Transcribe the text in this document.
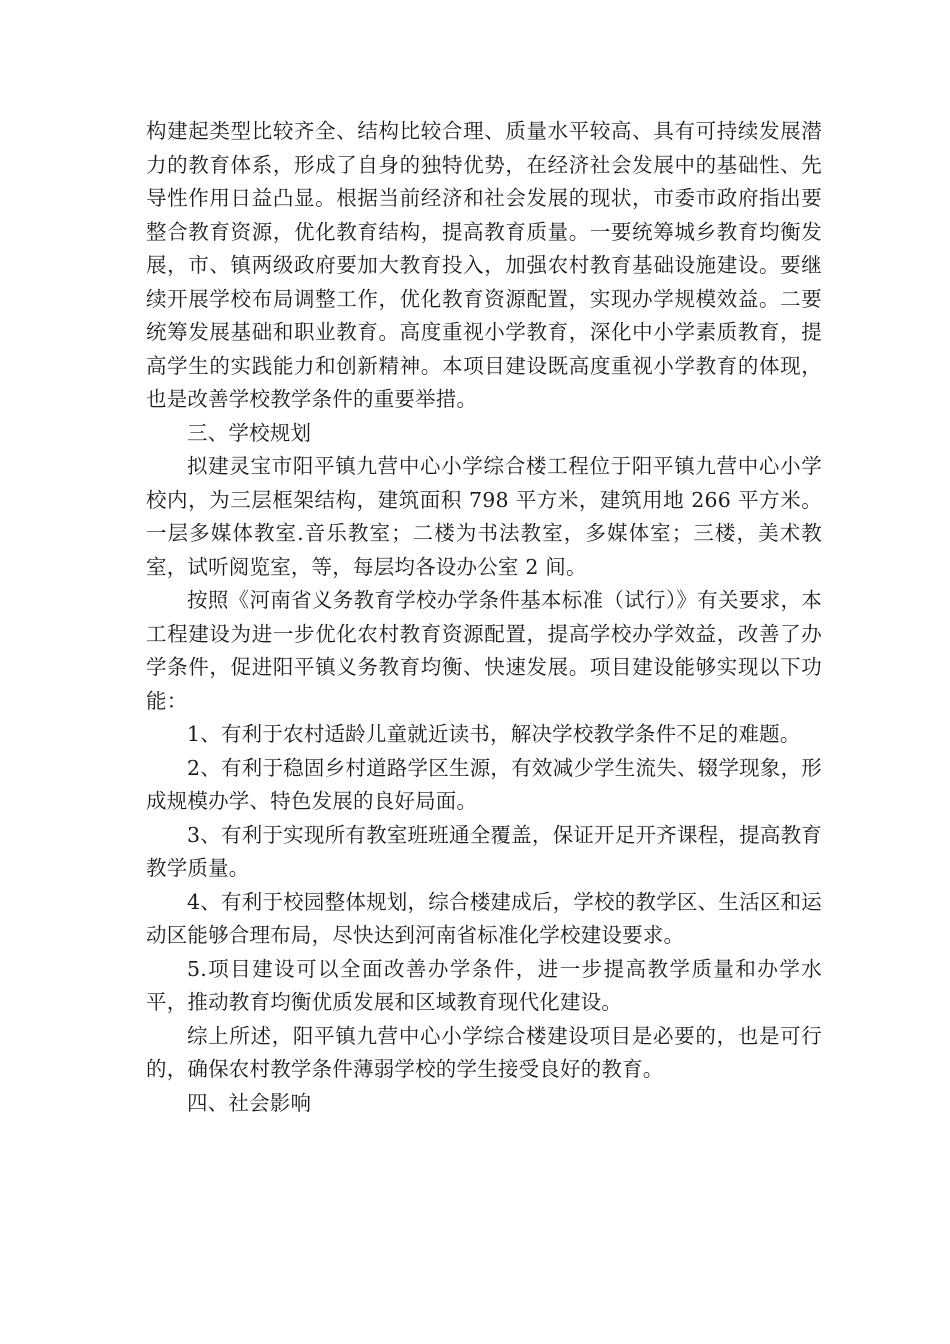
构建起类型比较齐全、结构比较合理、质量水平较高、具有可持续发展潜力的教育体系，形成了自身的独特优势，在经济社会发展中的基础性、先导性作用日益凸显。根据当前经济和社会发展的现状，市委市政府指出要整合教育资源，优化教育结构，提高教育质量。一要统筹城乡教育均衡发展，市、镇两级政府要加大教育投入，加强农村教育基础设施建设。要继续开展学校布局调整工作，优化教育资源配置，实现办学规模效益。二要统筹发展基础和职业教育。高度重视小学教育，深化中小学素质教育，提高学生的实践能力和创新精神。本项目建设既高度重视小学教育的体现，也是改善学校教学条件的重要举措。

三、学校规划

拟建灵宝市阳平镇九营中心小学综合楼工程位于阳平镇九营中心小学校内，为三层框架结构，建筑面积 798 平方米，建筑用地 266 平方米。一层多媒体教室.音乐教室；二楼为书法教室，多媒体室；三楼，美术教室，试听阅览室，等，每层均各设办公室 2 间。

按照《河南省义务教育学校办学条件基本标准（试行）》有关要求，本工程建设为进一步优化农村教育资源配置，提高学校办学效益，改善了办学条件，促进阳平镇义务教育均衡、快速发展。项目建设能够实现以下功能：

1、有利于农村适龄儿童就近读书，解决学校教学条件不足的难题。

2、有利于稳固乡村道路学区生源，有效减少学生流失、辍学现象，形成规模办学、特色发展的良好局面。

3、有利于实现所有教室班班通全覆盖，保证开足开齐课程，提高教育教学质量。

4、有利于校园整体规划，综合楼建成后，学校的教学区、生活区和运动区能够合理布局，尽快达到河南省标准化学校建设要求。

5.项目建设可以全面改善办学条件，进一步提高教学质量和办学水平，推动教育均衡优质发展和区域教育现代化建设。

综上所述，阳平镇九营中心小学综合楼建设项目是必要的，也是可行的，确保农村教学条件薄弱学校的学生接受良好的教育。

四、社会影响
